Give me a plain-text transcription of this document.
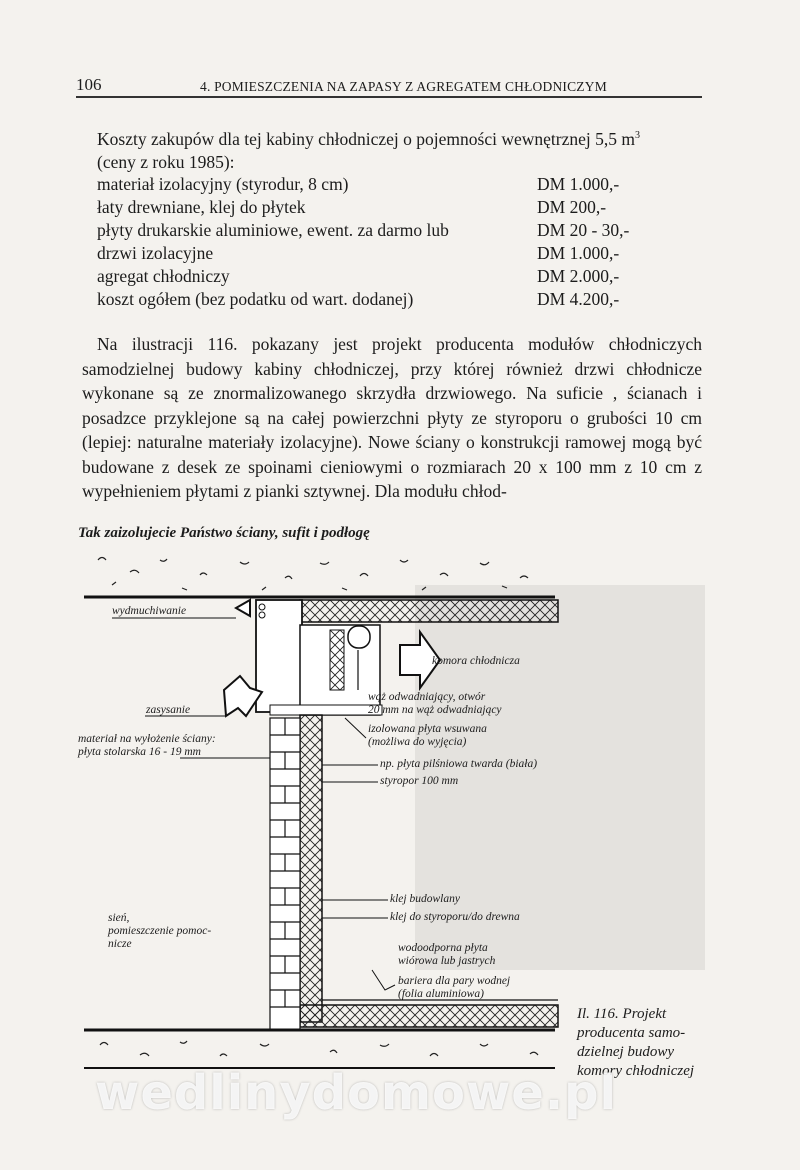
106	4. POMIESZCZENIA NA ZAPASY Z AGREGATEM CHŁODNICZYM
Koszty zakupów dla tej kabiny chłodniczej o pojemności wewnętrznej 5,5 $m^3$
(ceny z roku 1985):
materiał izolacyjny (styrodur, 8 cm)	DM 1.000,-
łaty drewniane, klej do płytek	DM 200,-
płyty drukarskie aluminiowe, ewent. za darmo lub	DM 20 - 30,-
drzwi izolacyjne	DM 1.000,-
agregat chłodniczy	DM 2.000,-
koszt ogółem (bez podatku od wart. dodanej)	DM 4.200,-
Na ilustracji 116. pokazany jest projekt producenta modułów chłodniczych samodzielnej budowy kabiny chłodniczej, przy której również drzwi chłodnicze wykonane są ze znormalizowanego skrzydła drzwiowego. Na suficie , ścianach i posadzce przyklejone są na całej powierzchni płyty ze styroporu o grubości 10 cm (lepiej: naturalne materiały izolacyjne). Nowe ściany o konstrukcji ramowej mogą być budowane z desek ze spoinami cieniowymi o rozmiarach 20 x 100 mm z 10 cm z wypełnieniem płytami z pianki sztywnej. Dla modułu chłod-
Tak zaizolujecie Państwo ściany, sufit i podłogę
wydmuchiwanie
komora chłodnicza
zasysanie
wąż odwadniający, otwór
20 mm na wąż odwadniający
izolowana płyta wsuwana
(możliwa do wyjęcia)
materiał na wyłożenie ściany:
płyta stolarska 16 - 19 mm
np. płyta pilśniowa twarda (biała)
styropor 100 mm
klej budowlany
klej do styroporu/do drewna
sień,
pomieszczenie pomoc-
nicze	wodoodporna płyta
wiórowa lub jastrych
bariera dla pary wodnej
(folia aluminiowa)
Il. 116. Projekt
producenta samo-
dzielnej budowy
komory chłodniczej
wedlinydomowe.pl
